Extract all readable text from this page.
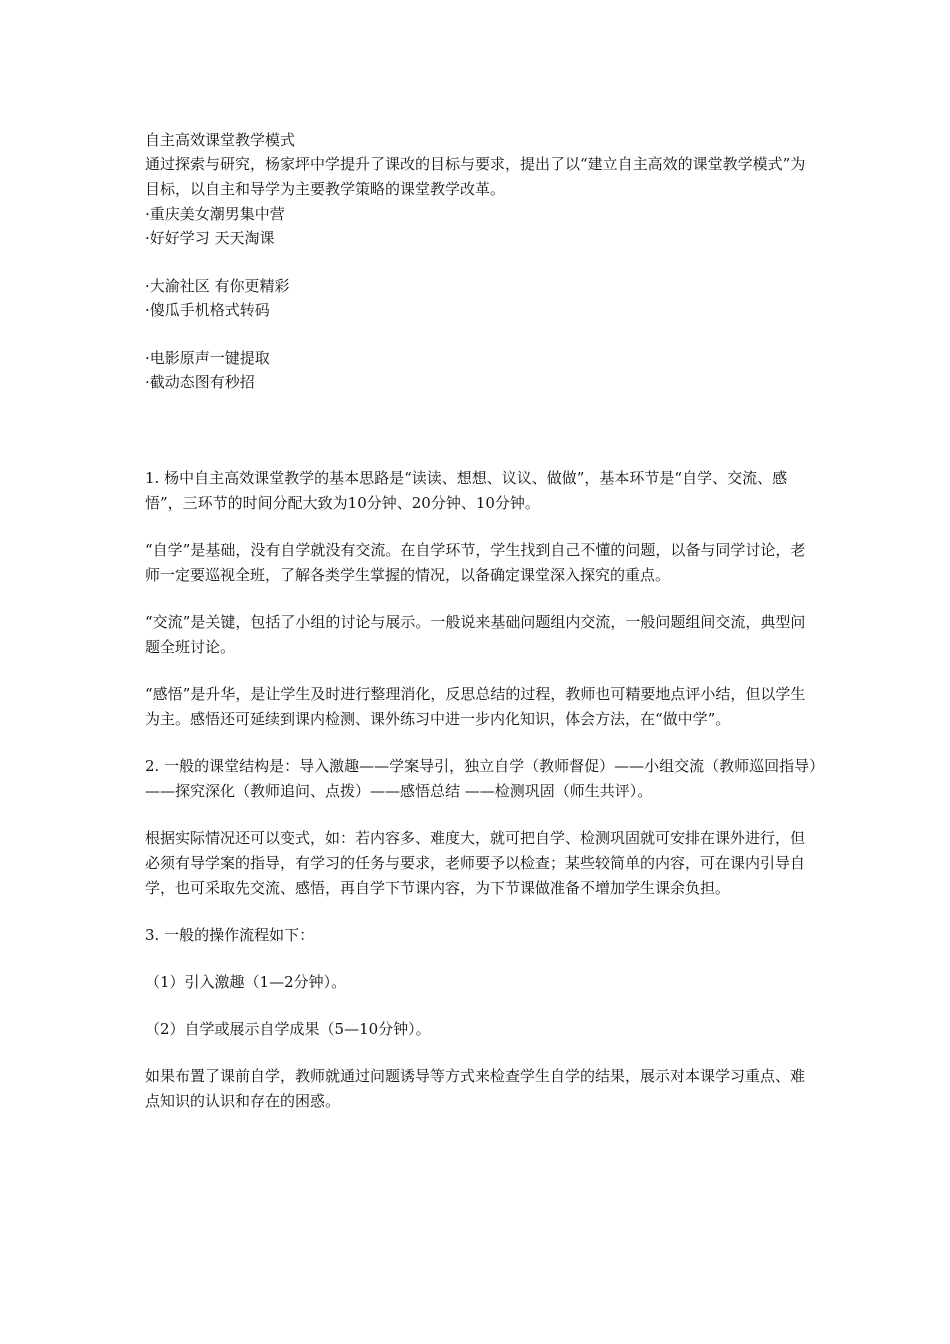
自主高效课堂教学模式

通过探索与研究，杨家坪中学提升了课改的目标与要求，提出了以“建立自主高效的课堂教学模式”为目标，以自主和导学为主要教学策略的课堂教学改革。

·重庆美女潮男集中营
·好好学习 天天淘课
·大渝社区 有你更精彩
·傻瓜手机格式转码
·电影原声一键提取
·截动态图有秒招

1. 杨中自主高效课堂教学的基本思路是“读读、想想、议议、做做”，基本环节是“自学、交流、感悟”，三环节的时间分配大致为10分钟、20分钟、10分钟。

“自学”是基础，没有自学就没有交流。在自学环节，学生找到自己不懂的问题，以备与同学讨论，老师一定要巡视全班，了解各类学生掌握的情况，以备确定课堂深入探究的重点。

“交流”是关键，包括了小组的讨论与展示。一般说来基础问题组内交流，一般问题组间交流，典型问题全班讨论。

“感悟”是升华，是让学生及时进行整理消化，反思总结的过程，教师也可精要地点评小结，但以学生为主。感悟还可延续到课内检测、课外练习中进一步内化知识，体会方法，在“做中学”。

2. 一般的课堂结构是：导入激趣——学案导引，独立自学（教师督促）——小组交流（教师巡回指导）——探究深化（教师追问、点拨）——感悟总结 ——检测巩固（师生共评）。

根据实际情况还可以变式，如：若内容多、难度大，就可把自学、检测巩固就可安排在课外进行，但必须有导学案的指导，有学习的任务与要求，老师要予以检查；某些较简单的内容，可在课内引导自学，也可采取先交流、感悟，再自学下节课内容，为下节课做准备不增加学生课余负担。

3. 一般的操作流程如下：

（1）引入激趣（1—2分钟）。

（2）自学或展示自学成果（5—10分钟）。

如果布置了课前自学，教师就通过问题诱导等方式来检查学生自学的结果，展示对本课学习重点、难点知识的认识和存在的困惑。
